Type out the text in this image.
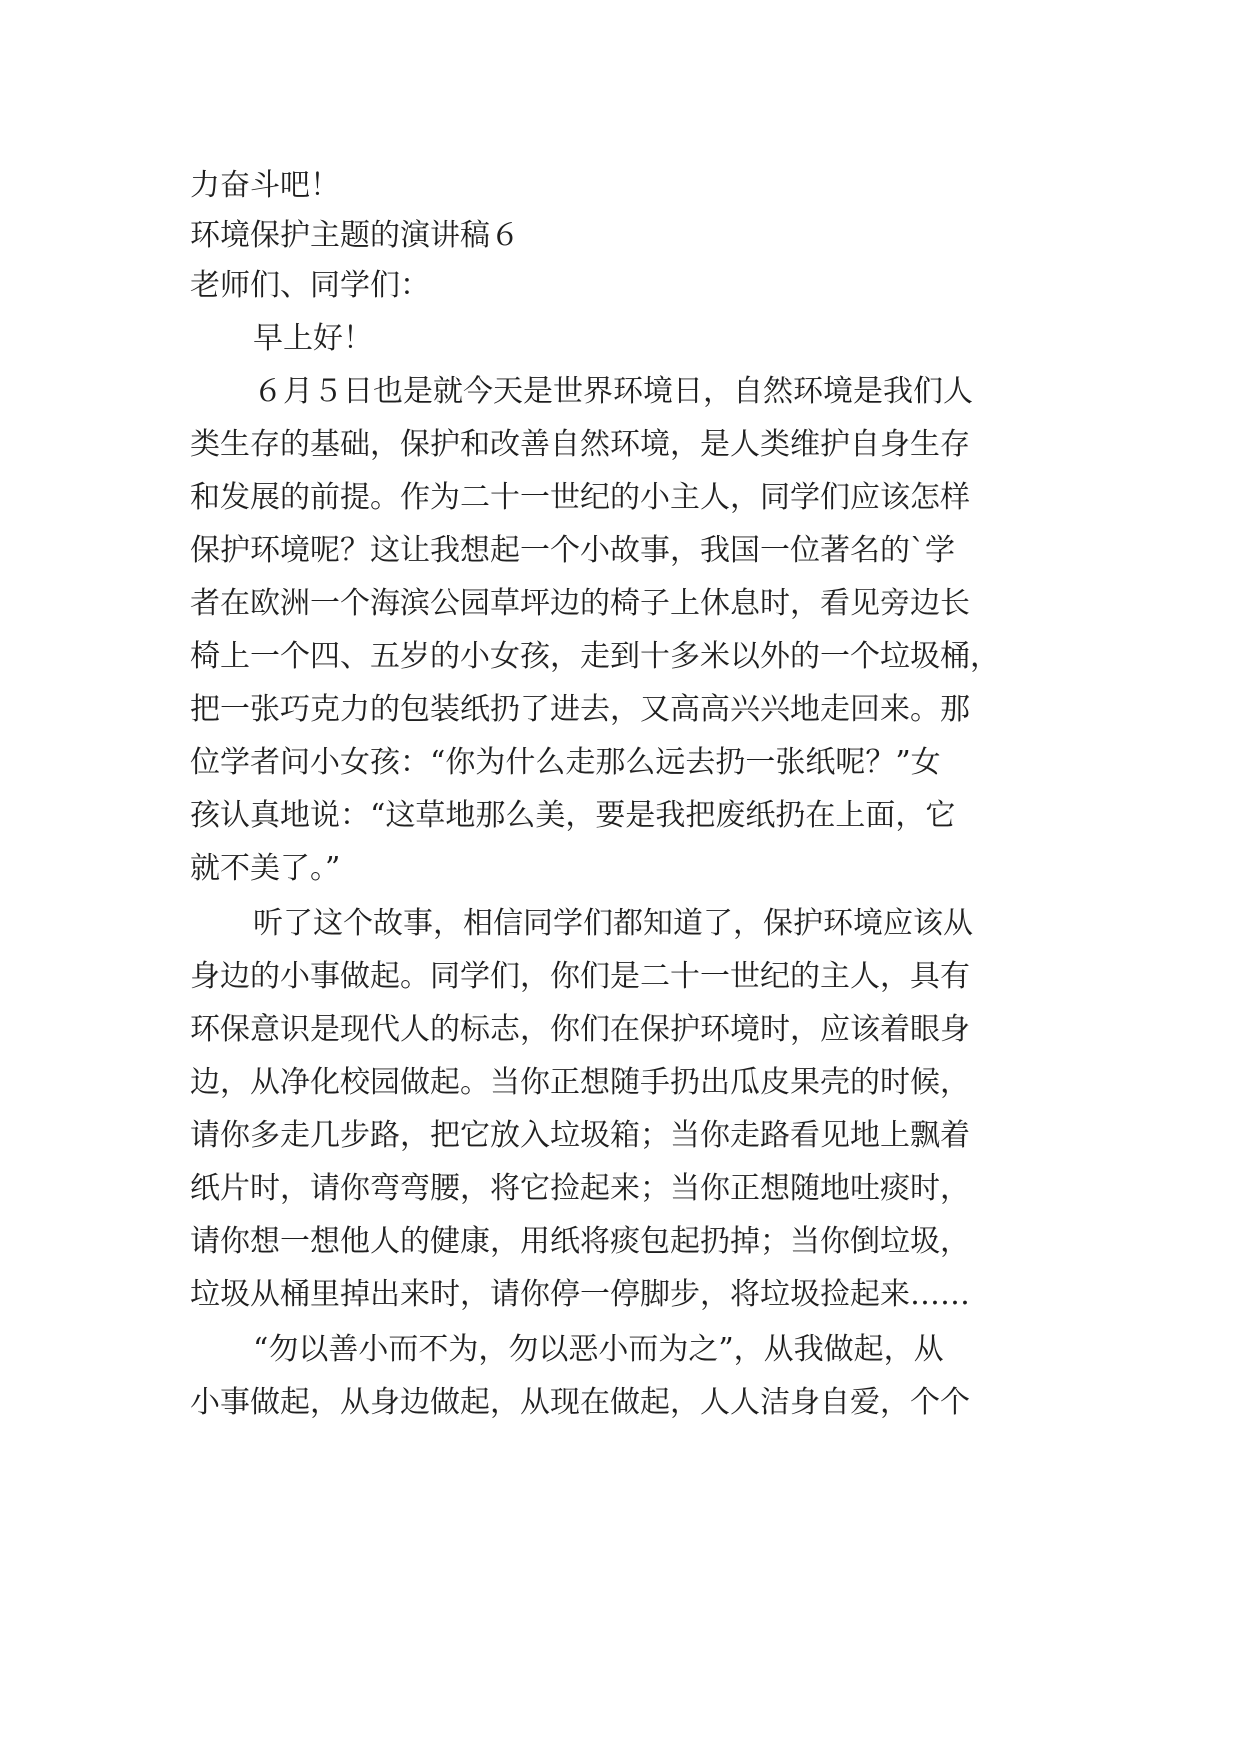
力奋斗吧！
环境保护主题的演讲稿６
老师们、同学们：
早上好！
６月５日也是就今天是世界环境日，自然环境是我们人
类生存的基础，保护和改善自然环境，是人类维护自身生存
和发展的前提。作为二十一世纪的小主人，同学们应该怎样
保护环境呢？这让我想起一个小故事，我国一位著名的`学
者在欧洲一个海滨公园草坪边的椅子上休息时，看见旁边长
椅上一个四、五岁的小女孩，走到十多米以外的一个垃圾桶，
把一张巧克力的包装纸扔了进去，又高高兴兴地走回来。那
位学者问小女孩：“你为什么走那么远去扔一张纸呢？”女
孩认真地说：“这草地那么美，要是我把废纸扔在上面，它
就不美了。”
听了这个故事，相信同学们都知道了，保护环境应该从
身边的小事做起。同学们，你们是二十一世纪的主人，具有
环保意识是现代人的标志，你们在保护环境时，应该着眼身
边，从净化校园做起。当你正想随手扔出瓜皮果壳的时候，
请你多走几步路，把它放入垃圾箱；当你走路看见地上飘着
纸片时，请你弯弯腰，将它捡起来；当你正想随地吐痰时，
请你想一想他人的健康，用纸将痰包起扔掉；当你倒垃圾，
垃圾从桶里掉出来时，请你停一停脚步，将垃圾捡起来……
“勿以善小而不为，勿以恶小而为之”，从我做起，从
小事做起，从身边做起，从现在做起，人人洁身自爱，个个
